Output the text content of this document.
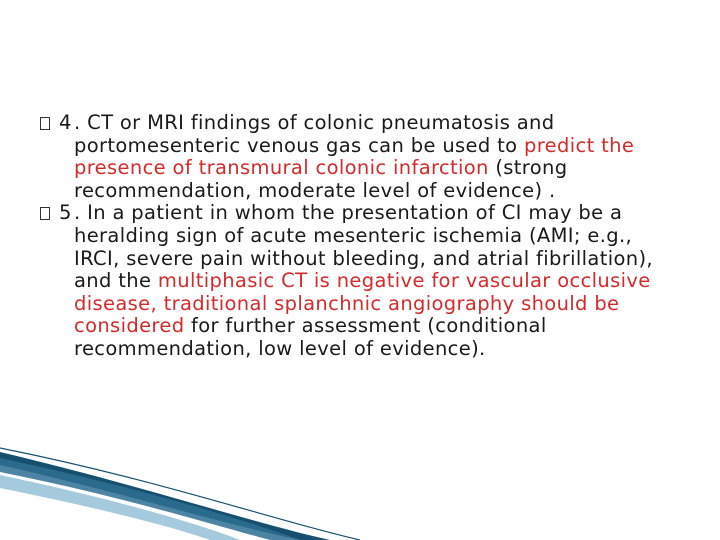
4 . CT or MRI findings of colonic pneumatosis and portomesenteric venous gas can be used to predict the presence of transmural colonic infarction (strong recommendation, moderate level of evidence) .
5 . In a patient in whom the presentation of CI may be a heralding sign of acute mesenteric ischemia (AMI; e.g., IRCI, severe pain without bleeding, and atrial fibrillation), and the multiphasic CT is negative for vascular occlusive disease, traditional splanchnic angiography should be considered for further assessment (conditional recommendation, low level of evidence).
